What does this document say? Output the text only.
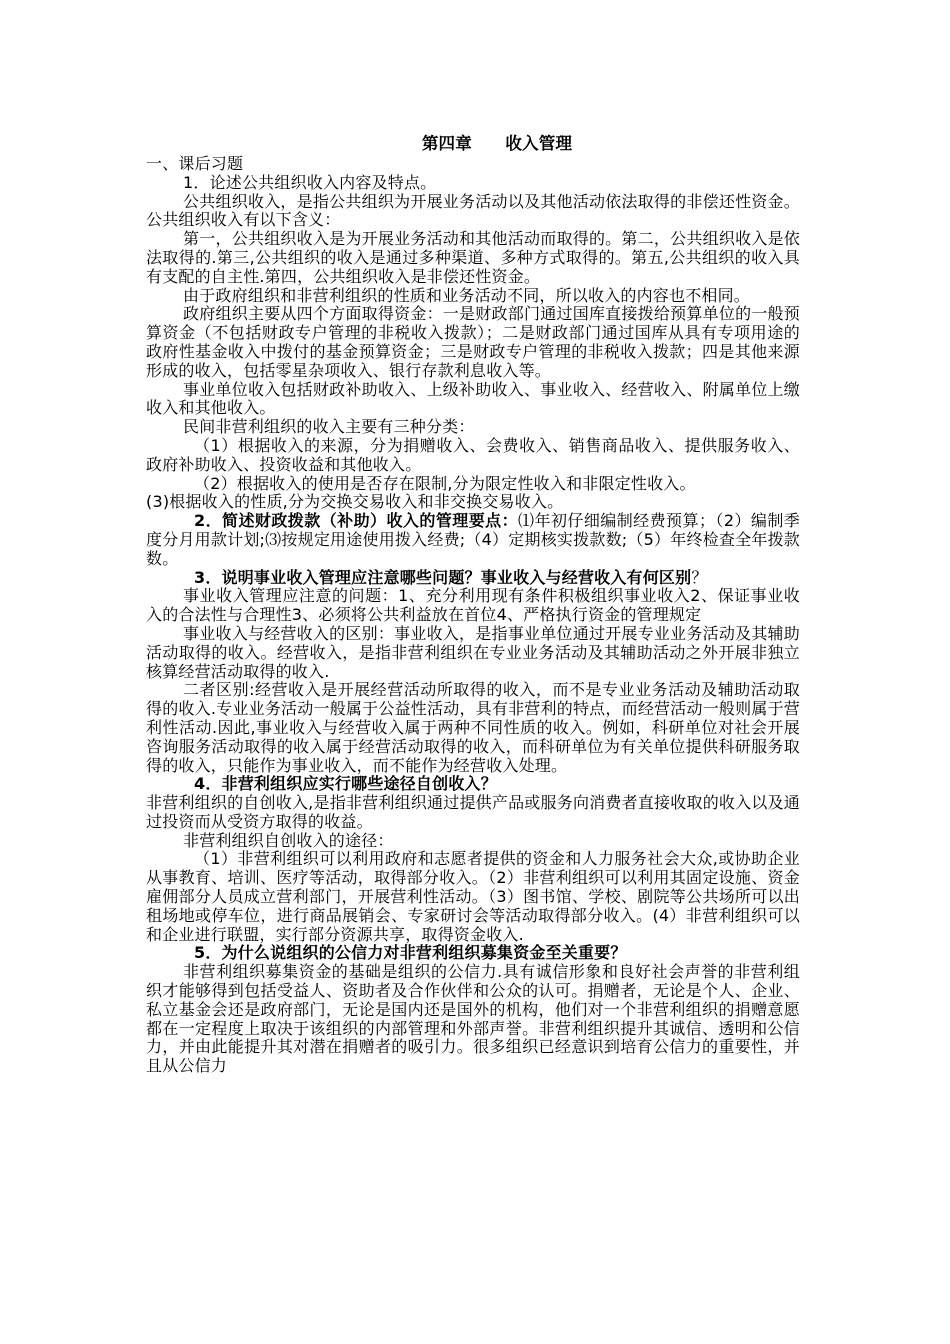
第四章　　收入管理
一、课后习题
1．论述公共组织收入内容及特点。
公共组织收入，是指公共组织为开展业务活动以及其他活动依法取得的非偿还性资金。公共组织收入有以下含义：
第一，公共组织收入是为开展业务活动和其他活动而取得的。第二，公共组织收入是依法取得的.第三,公共组织的收入是通过多种渠道、多种方式取得的。第五,公共组织的收入具有支配的自主性.第四，公共组织收入是非偿还性资金。
由于政府组织和非营利组织的性质和业务活动不同，所以收入的内容也不相同。
政府组织主要从四个方面取得资金：一是财政部门通过国库直接拨给预算单位的一般预算资金（不包括财政专户管理的非税收入拨款）；二是财政部门通过国库从具有专项用途的政府性基金收入中拨付的基金预算资金；三是财政专户管理的非税收入拨款；四是其他来源形成的收入，包括零星杂项收入、银行存款利息收入等。
事业单位收入包括财政补助收入、上级补助收入、事业收入、经营收入、附属单位上缴收入和其他收入。
民间非营利组织的收入主要有三种分类：
（1）根据收入的来源，分为捐赠收入、会费收入、销售商品收入、提供服务收入、政府补助收入、投资收益和其他收入。
（2）根据收入的使用是否存在限制,分为限定性收入和非限定性收入。
(3)根据收入的性质,分为交换交易收入和非交换交易收入。
2．简述财政拨款（补助）收入的管理要点：⑴年初仔细编制经费预算；（2）编制季度分月用款计划;⑶按规定用途使用拨入经费;（4）定期核实拨款数;（5）年终检查全年拨款数。
3．说明事业收入管理应注意哪些问题？事业收入与经营收入有何区别？
事业收入管理应注意的问题：1、充分利用现有条件积极组织事业收入2、保证事业收入的合法性与合理性3、必须将公共利益放在首位4、严格执行资金的管理规定
事业收入与经营收入的区别：事业收入，是指事业单位通过开展专业业务活动及其辅助活动取得的收入。经营收入，是指非营利组织在专业业务活动及其辅助活动之外开展非独立核算经营活动取得的收入.
二者区别:经营收入是开展经营活动所取得的收入，而不是专业业务活动及辅助活动取得的收入.专业业务活动一般属于公益性活动，具有非营利的特点，而经营活动一般则属于营利性活动.因此,事业收入与经营收入属于两种不同性质的收入。例如，科研单位对社会开展咨询服务活动取得的收入属于经营活动取得的收入，而科研单位为有关单位提供科研服务取得的收入，只能作为事业收入，而不能作为经营收入处理。
4．非营利组织应实行哪些途径自创收入？
非营利组织的自创收入,是指非营利组织通过提供产品或服务向消费者直接收取的收入以及通过投资而从受资方取得的收益。
非营利组织自创收入的途径：
（1）非营利组织可以利用政府和志愿者提供的资金和人力服务社会大众,或协助企业从事教育、培训、医疗等活动，取得部分收入。（2）非营利组织可以利用其固定设施、资金雇佣部分人员成立营利部门，开展营利性活动。（3）图书馆、学校、剧院等公共场所可以出租场地或停车位，进行商品展销会、专家研讨会等活动取得部分收入。(4）非营利组织可以和企业进行联盟，实行部分资源共享，取得资金收入.
5．为什么说组织的公信力对非营利组织募集资金至关重要？
非营利组织募集资金的基础是组织的公信力.具有诚信形象和良好社会声誉的非营利组织才能够得到包括受益人、资助者及合作伙伴和公众的认可。捐赠者，无论是个人、企业、私立基金会还是政府部门，无论是国内还是国外的机构，他们对一个非营利组织的捐赠意愿都在一定程度上取决于该组织的内部管理和外部声誉。非营利组织提升其诚信、透明和公信力，并由此能提升其对潜在捐赠者的吸引力。很多组织已经意识到培育公信力的重要性，并且从公信力
